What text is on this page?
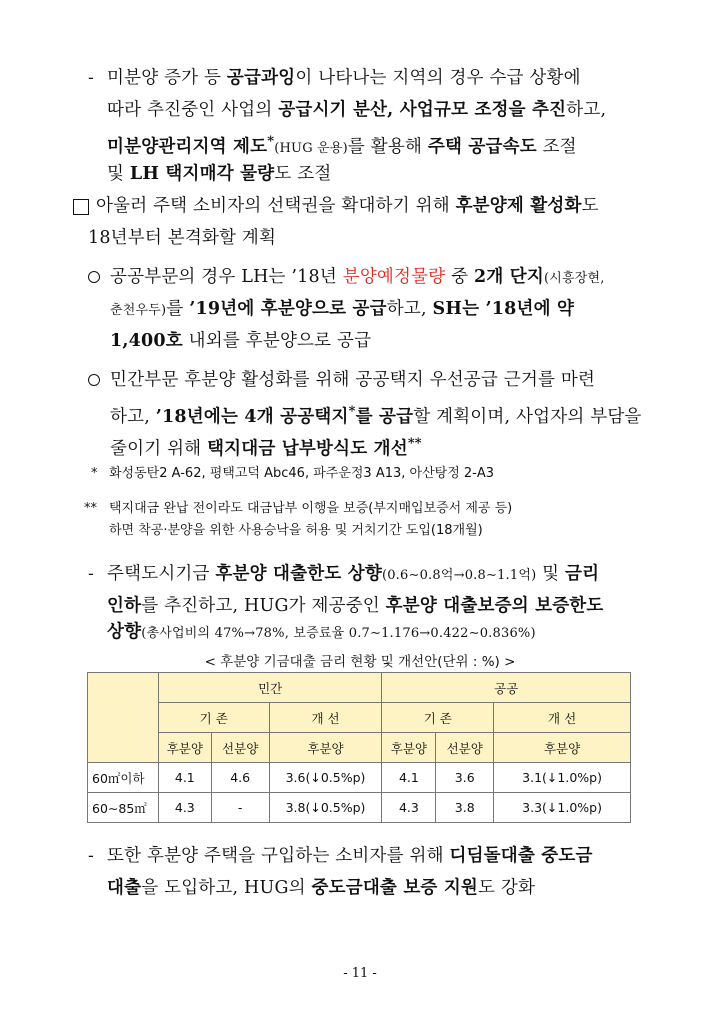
- 미분양 증가 등 공급과잉이 나타나는 지역의 경우 수급 상황에
따라 추진중인 사업의 공급시기 분산, 사업규모 조정을 추진하고,
미분양관리지역 제도*(HUG 운용)를 활용해 주택 공급속도 조절
및 LH 택지매각 물량도 조절
아울러 주택 소비자의 선택권을 확대하기 위해 후분양제 활성화도
18년부터 본격화할 계획
공공부문의 경우 LH는 ’18년 분양예정물량 중 2개 단지(시흥장현,
춘천우두)를 ’19년에 후분양으로 공급하고, SH는 ’18년에 약
1,400호 내외를 후분양으로 공급
민간부문 후분양 활성화를 위해 공공택지 우선공급 근거를 마련
하고, ’18년에는 4개 공공택지*를 공급할 계획이며, 사업자의 부담을
줄이기 위해 택지대금 납부방식도 개선**
* 화성동탄2 A-62, 평택고덕 Abc46, 파주운정3 A13, 아산탕정 2-A3
** 택지대금 완납 전이라도 대금납부 이행을 보증(부지매입보증서 제공 등)
하면 착공·분양을 위한 사용승낙을 허용 및 거치기간 도입(18개월)
- 주택도시기금 후분양 대출한도 상향(0.6∼0.8억→0.8∼1.1억) 및 금리
인하를 추진하고, HUG가 제공중인 후분양 대출보증의 보증한도
상향(총사업비의 47%→78%, 보증료율 0.7∼1.176→0.422∼0.836%)
< 후분양 기금대출 금리 현황 및 개선안(단위 : %) >
	민간			공공		
	기 존		개 선	기 존		개 선
	후분양	선분양	후분양	후분양	선분양	후분양
60㎡이하	4.1	4.6	3.6(↓0.5%p)	4.1	3.6	3.1(↓1.0%p)
60∼85㎡	4.3	-	3.8(↓0.5%p)	4.3	3.8	3.3(↓1.0%p)
- 또한 후분양 주택을 구입하는 소비자를 위해 디딤돌대출 중도금
대출을 도입하고, HUG의 중도금대출 보증 지원도 강화
- 11 -
